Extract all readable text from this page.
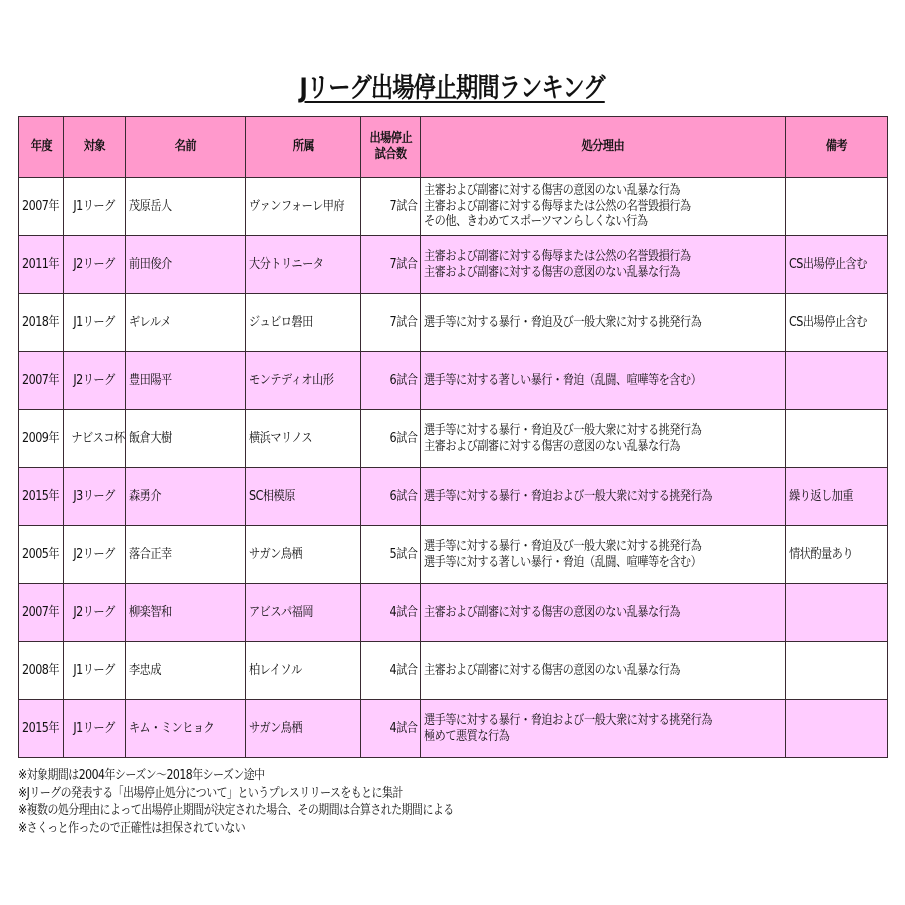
Jリーグ出場停止期間ランキング
年度	対象	名前	所属	出場停止
試合数	処分理由	備考
2007年	J1リーグ	茂原岳人	ヴァンフォーレ甲府	7試合	主審および副審に対する傷害の意図のない乱暴な行為
主審および副審に対する侮辱または公然の名誉毀損行為
その他、きわめてスポーツマンらしくない行為	

2011年	J2リーグ	前田俊介	大分トリニータ	7試合	主審および副審に対する侮辱または公然の名誉毀損行為
主審および副審に対する傷害の意図のない乱暴な行為	CS出場停止含む
2018年	J1リーグ	ギレルメ	ジュビロ磐田	7試合	選手等に対する暴行・脅迫及び一般大衆に対する挑発行為	CS出場停止含む
2007年	J2リーグ	豊田陽平	モンテディオ山形	6試合	選手等に対する著しい暴行・脅迫（乱闘、喧嘩等を含む）	

2009年	ナビスコ杯	飯倉大樹	横浜マリノス	6試合	選手等に対する暴行・脅迫及び一般大衆に対する挑発行為
主審および副審に対する傷害の意図のない乱暴な行為	

2015年	J3リーグ	森勇介	SC相模原	6試合	選手等に対する暴行・脅迫および一般大衆に対する挑発行為	繰り返し加重
2005年	J2リーグ	落合正幸	サガン鳥栖	5試合	選手等に対する暴行・脅迫及び一般大衆に対する挑発行為
選手等に対する著しい暴行・脅迫（乱闘、喧嘩等を含む）	情状酌量あり
2007年	J2リーグ	柳楽智和	アビスパ福岡	4試合	主審および副審に対する傷害の意図のない乱暴な行為	

2008年	J1リーグ	李忠成	柏レイソル	4試合	主審および副審に対する傷害の意図のない乱暴な行為	

2015年	J1リーグ	キム・ミンヒョク	サガン鳥栖	4試合	選手等に対する暴行・脅迫および一般大衆に対する挑発行為
極めて悪質な行為	

※対象期間は2004年シーズン～2018年シーズン途中
※Jリーグの発表する「出場停止処分について」というプレスリリースをもとに集計
※複数の処分理由によって出場停止期間が決定された場合、その期間は合算された期間による
※さくっと作ったので正確性は担保されていない
